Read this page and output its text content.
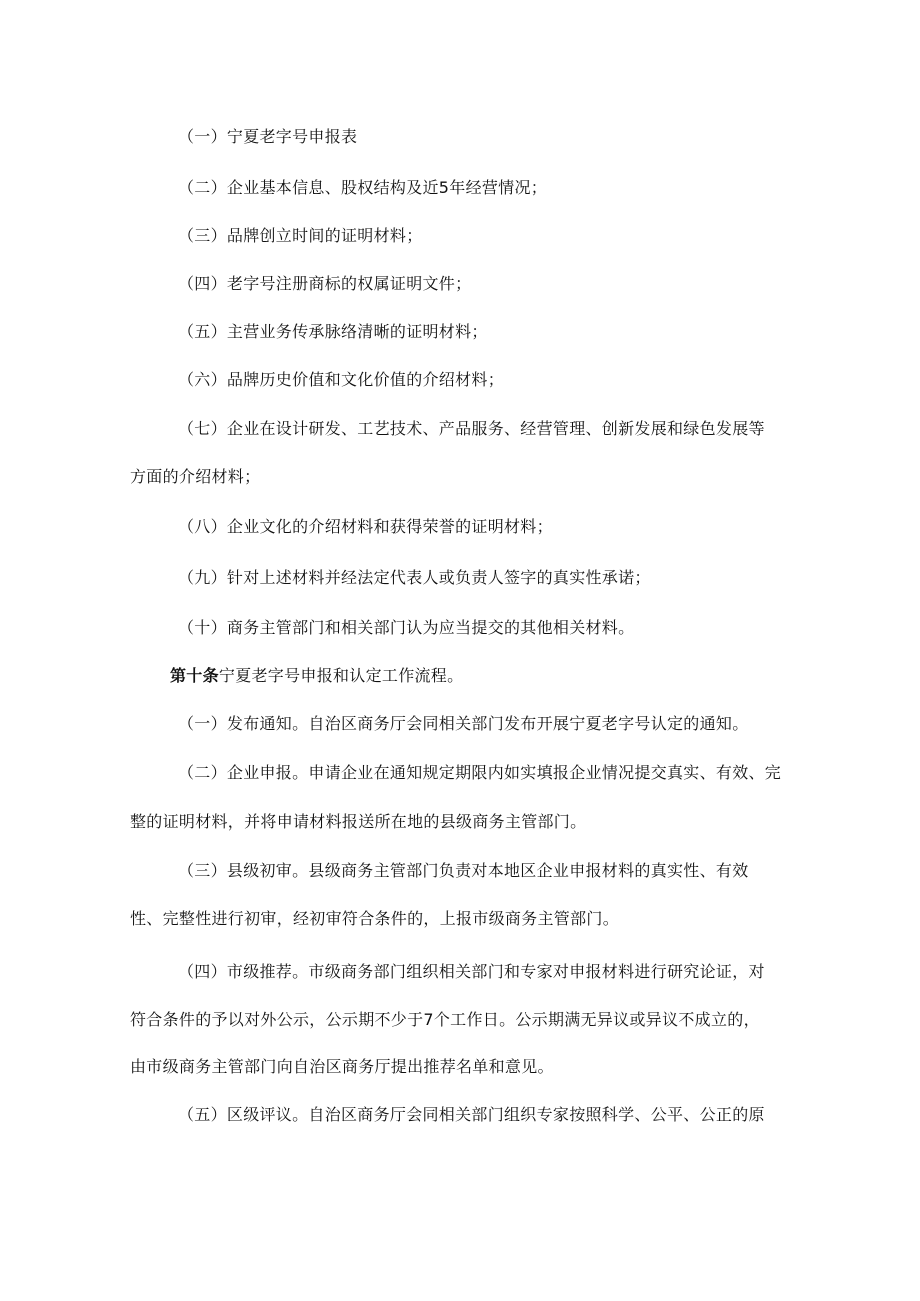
（一）宁夏老字号申报表
（二）企业基本信息、股权结构及近5年经营情况；
（三）品牌创立时间的证明材料；
（四）老字号注册商标的权属证明文件；
（五）主营业务传承脉络清晰的证明材料；
（六）品牌历史价值和文化价值的介绍材料；
（七）企业在设计研发、工艺技术、产品服务、经营管理、创新发展和绿色发展等
方面的介绍材料；
（八）企业文化的介绍材料和获得荣誉的证明材料；
（九）针对上述材料并经法定代表人或负责人签字的真实性承诺；
（十）商务主管部门和相关部门认为应当提交的其他相关材料。
第十条宁夏老字号申报和认定工作流程。
（一）发布通知。自治区商务厅会同相关部门发布开展宁夏老字号认定的通知。
（二）企业申报。申请企业在通知规定期限内如实填报企业情况提交真实、有效、完
整的证明材料，并将申请材料报送所在地的县级商务主管部门。
（三）县级初审。县级商务主管部门负责对本地区企业申报材料的真实性、有效
性、完整性进行初审，经初审符合条件的，上报市级商务主管部门。
（四）市级推荐。市级商务部门组织相关部门和专家对申报材料进行研究论证，对
符合条件的予以对外公示，公示期不少于7个工作日。公示期满无异议或异议不成立的，
由市级商务主管部门向自治区商务厅提出推荐名单和意见。
（五）区级评议。自治区商务厅会同相关部门组织专家按照科学、公平、公正的原
